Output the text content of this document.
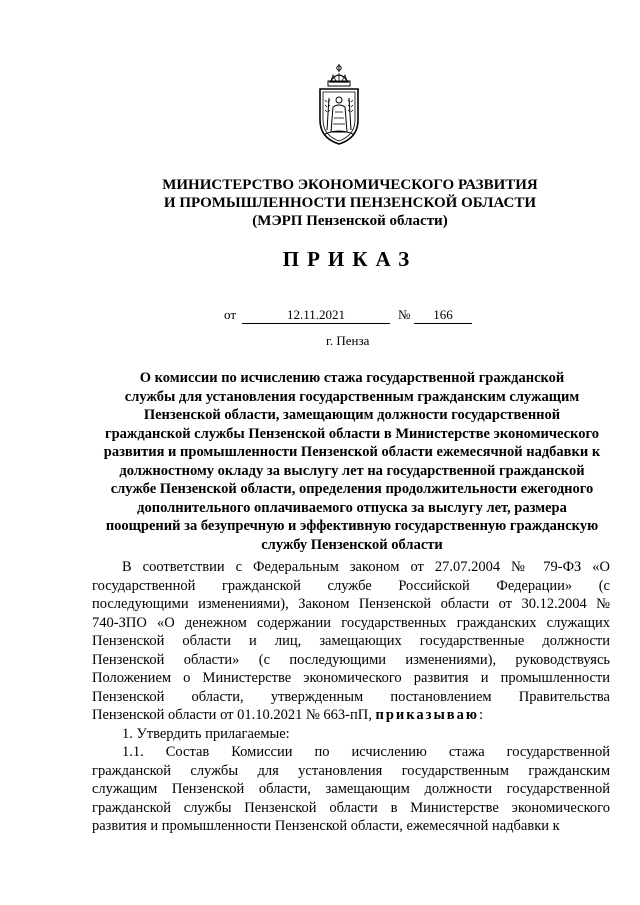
МИНИСТЕРСТВО ЭКОНОМИЧЕСКОГО РАЗВИТИЯ
И ПРОМЫШЛЕННОСТИ ПЕНЗЕНСКОЙ ОБЛАСТИ
(МЭРП Пензенской области)
ПРИКАЗ
от	12.11.2021	№	166
г. Пенза
О комиссии по исчислению стажа государственной гражданской
службы для установления государственным гражданским служащим
Пензенской области, замещающим должности государственной
гражданской службы Пензенской области в Министерстве экономического
развития и промышленности Пензенской области ежемесячной надбавки к
должностному окладу за выслугу лет на государственной гражданской
службе Пензенской области, определения продолжительности ежегодного
дополнительного оплачиваемого отпуска за выслугу лет, размера
поощрений за безупречную и эффективную государственную гражданскую
службу Пензенской области
В соответствии с Федеральным законом от 27.07.2004 № 79-ФЗ «О
государственной гражданской службе Российской Федерации» (с
последующими изменениями), Законом Пензенской области от 30.12.2004 №
740-ЗПО «О денежном содержании государственных гражданских служащих
Пензенской области и лиц, замещающих государственные должности
Пензенской области» (с последующими изменениями), руководствуясь
Положением о Министерстве экономического развития и промышленности
Пензенской области, утвержденным постановлением Правительства
Пензенской области от 01.10.2021 № 663-пП, приказываю:
1. Утвердить прилагаемые:
1.1. Состав Комиссии по исчислению стажа государственной
гражданской службы для установления государственным гражданским
служащим Пензенской области, замещающим должности государственной
гражданской службы Пензенской области в Министерстве экономического
развития и промышленности Пензенской области, ежемесячной надбавки к
